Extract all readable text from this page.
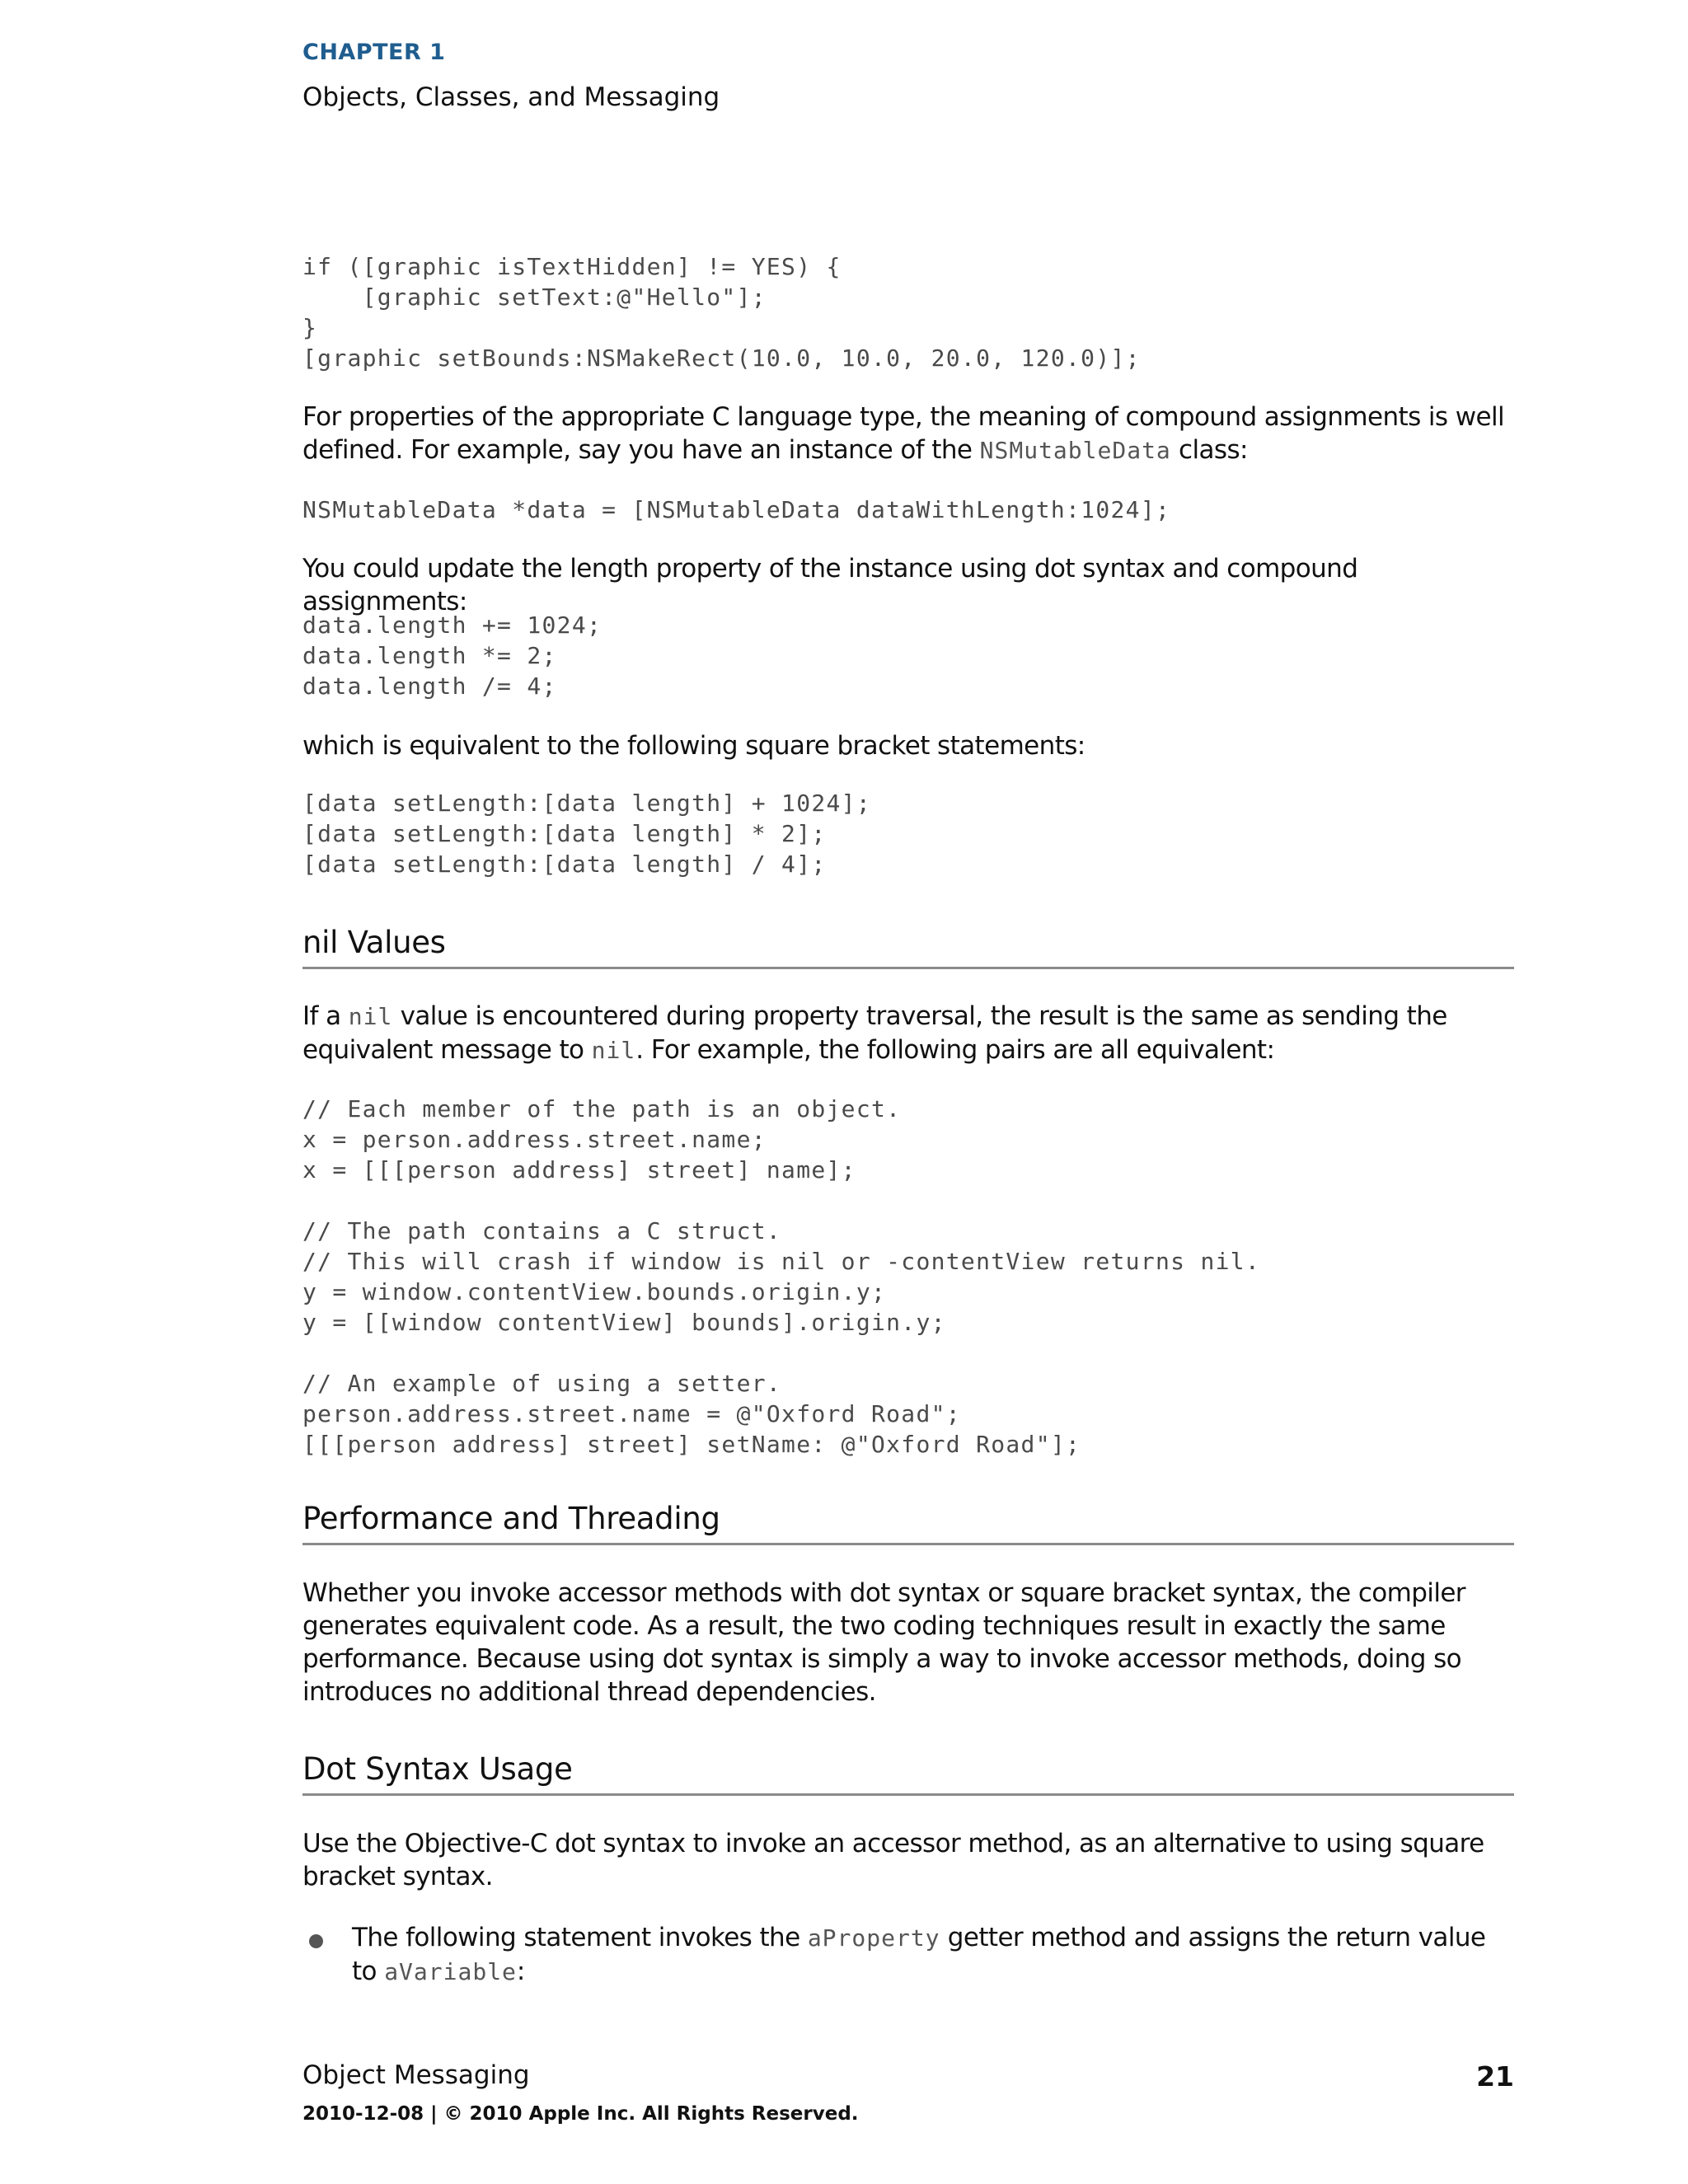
CHAPTER 1
Objects, Classes, and Messaging
if ([graphic isTextHidden] != YES) {
[graphic setText:@"Hello"];
}
[graphic setBounds:NSMakeRect(10.0, 10.0, 20.0, 120.0)];
For properties of the appropriate C language type, the meaning of compound assignments is well defined. For example, say you have an instance of the NSMutableData class:
NSMutableData *data = [NSMutableData dataWithLength:1024];
You could update the length property of the instance using dot syntax and compound assignments:
data.length += 1024;
data.length *= 2;
data.length /= 4;
which is equivalent to the following square bracket statements:
[data setLength:[data length] + 1024];
[data setLength:[data length] * 2];
[data setLength:[data length] / 4];
nil Values
If a nil value is encountered during property traversal, the result is the same as sending the equivalent message to nil. For example, the following pairs are all equivalent:
// Each member of the path is an object.
x = person.address.street.name;
x = [[[person address] street] name];

// The path contains a C struct.
// This will crash if window is nil or -contentView returns nil.
y = window.contentView.bounds.origin.y;
y = [[window contentView] bounds].origin.y;

// An example of using a setter.
person.address.street.name = @"Oxford Road";
[[[person address] street] setName: @"Oxford Road"];
Performance and Threading
Whether you invoke accessor methods with dot syntax or square bracket syntax, the compiler generates equivalent code. As a result, the two coding techniques result in exactly the same performance. Because using dot syntax is simply a way to invoke accessor methods, doing so introduces no additional thread dependencies.
Dot Syntax Usage
Use the Objective-C dot syntax to invoke an accessor method, as an alternative to using square bracket syntax.
The following statement invokes the aProperty getter method and assigns the return value to aVariable:
Object Messaging	21
2010-12-08 | © 2010 Apple Inc. All Rights Reserved.
